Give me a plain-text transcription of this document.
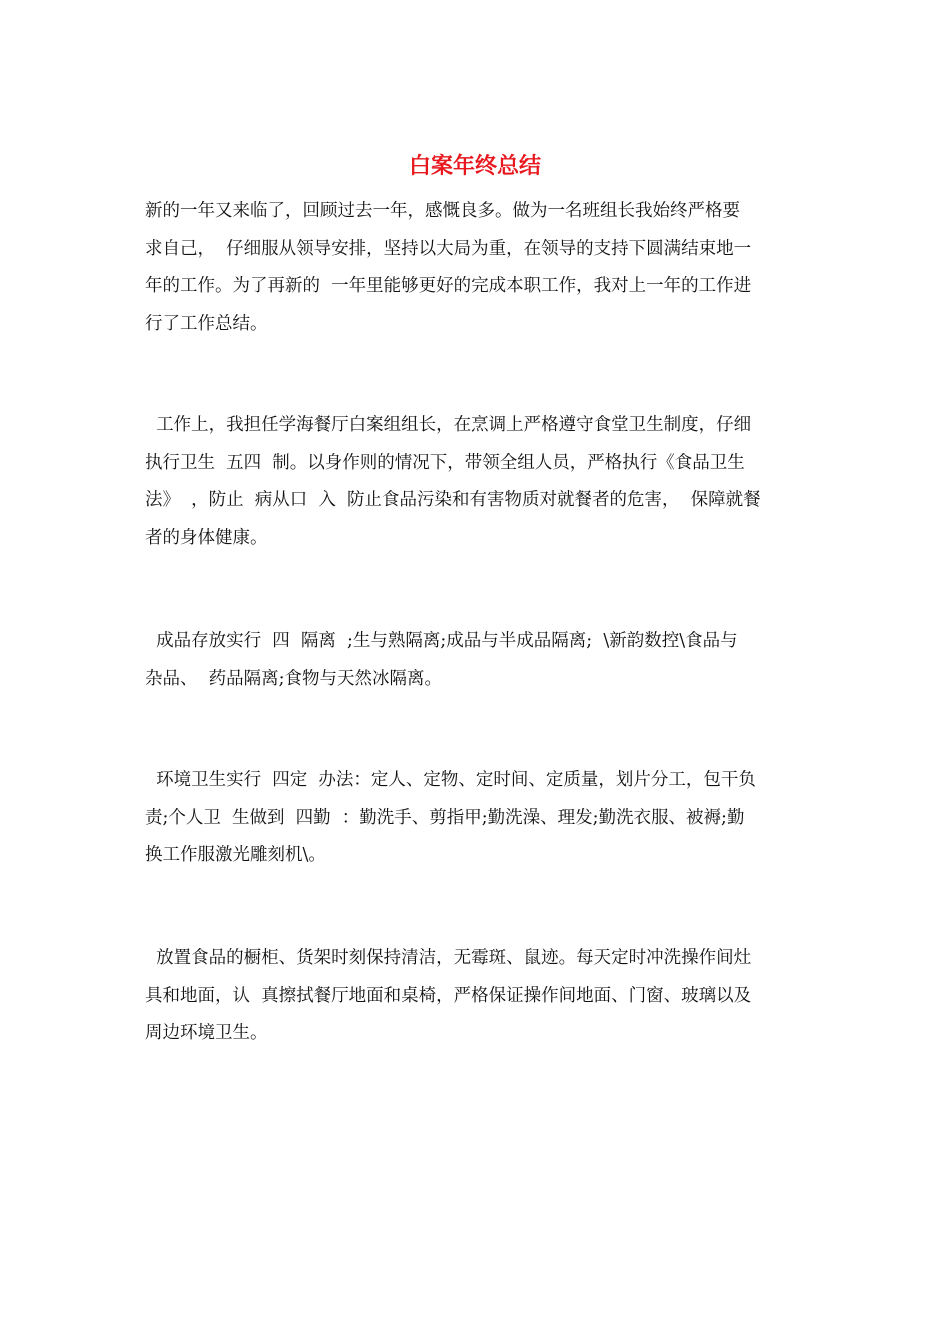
白案年终总结

新的一年又来临了，回顾过去一年，感慨良多。做为一名班组长我始终严格要
求自己，  仔细服从领导安排，坚持以大局为重，在领导的支持下圆满结束地一
年的工作。为了再新的  一年里能够更好的完成本职工作，我对上一年的工作进
行了工作总结。

工作上，我担任学海餐厅白案组组长，在烹调上严格遵守食堂卫生制度，仔细
执行卫生  五四  制。以身作则的情况下，带领全组人员，严格执行《食品卫生
法》  ，防止  病从口  入  防止食品污染和有害物质对就餐者的危害，  保障就餐
者的身体健康。

成品存放实行  四  隔离  ;生与熟隔离;成品与半成品隔离;  \新韵数控\食品与
杂品、  药品隔离;食物与天然冰隔离。

环境卫生实行  四定  办法：定人、定物、定时间、定质量，划片分工，包干负
责;个人卫  生做到  四勤  ：勤洗手、剪指甲;勤洗澡、理发;勤洗衣服、被褥;勤
换工作服激光雕刻机\。

放置食品的橱柜、货架时刻保持清洁，无霉斑、鼠迹。每天定时冲洗操作间灶
具和地面，认  真擦拭餐厅地面和桌椅，严格保证操作间地面、门窗、玻璃以及
周边环境卫生。
